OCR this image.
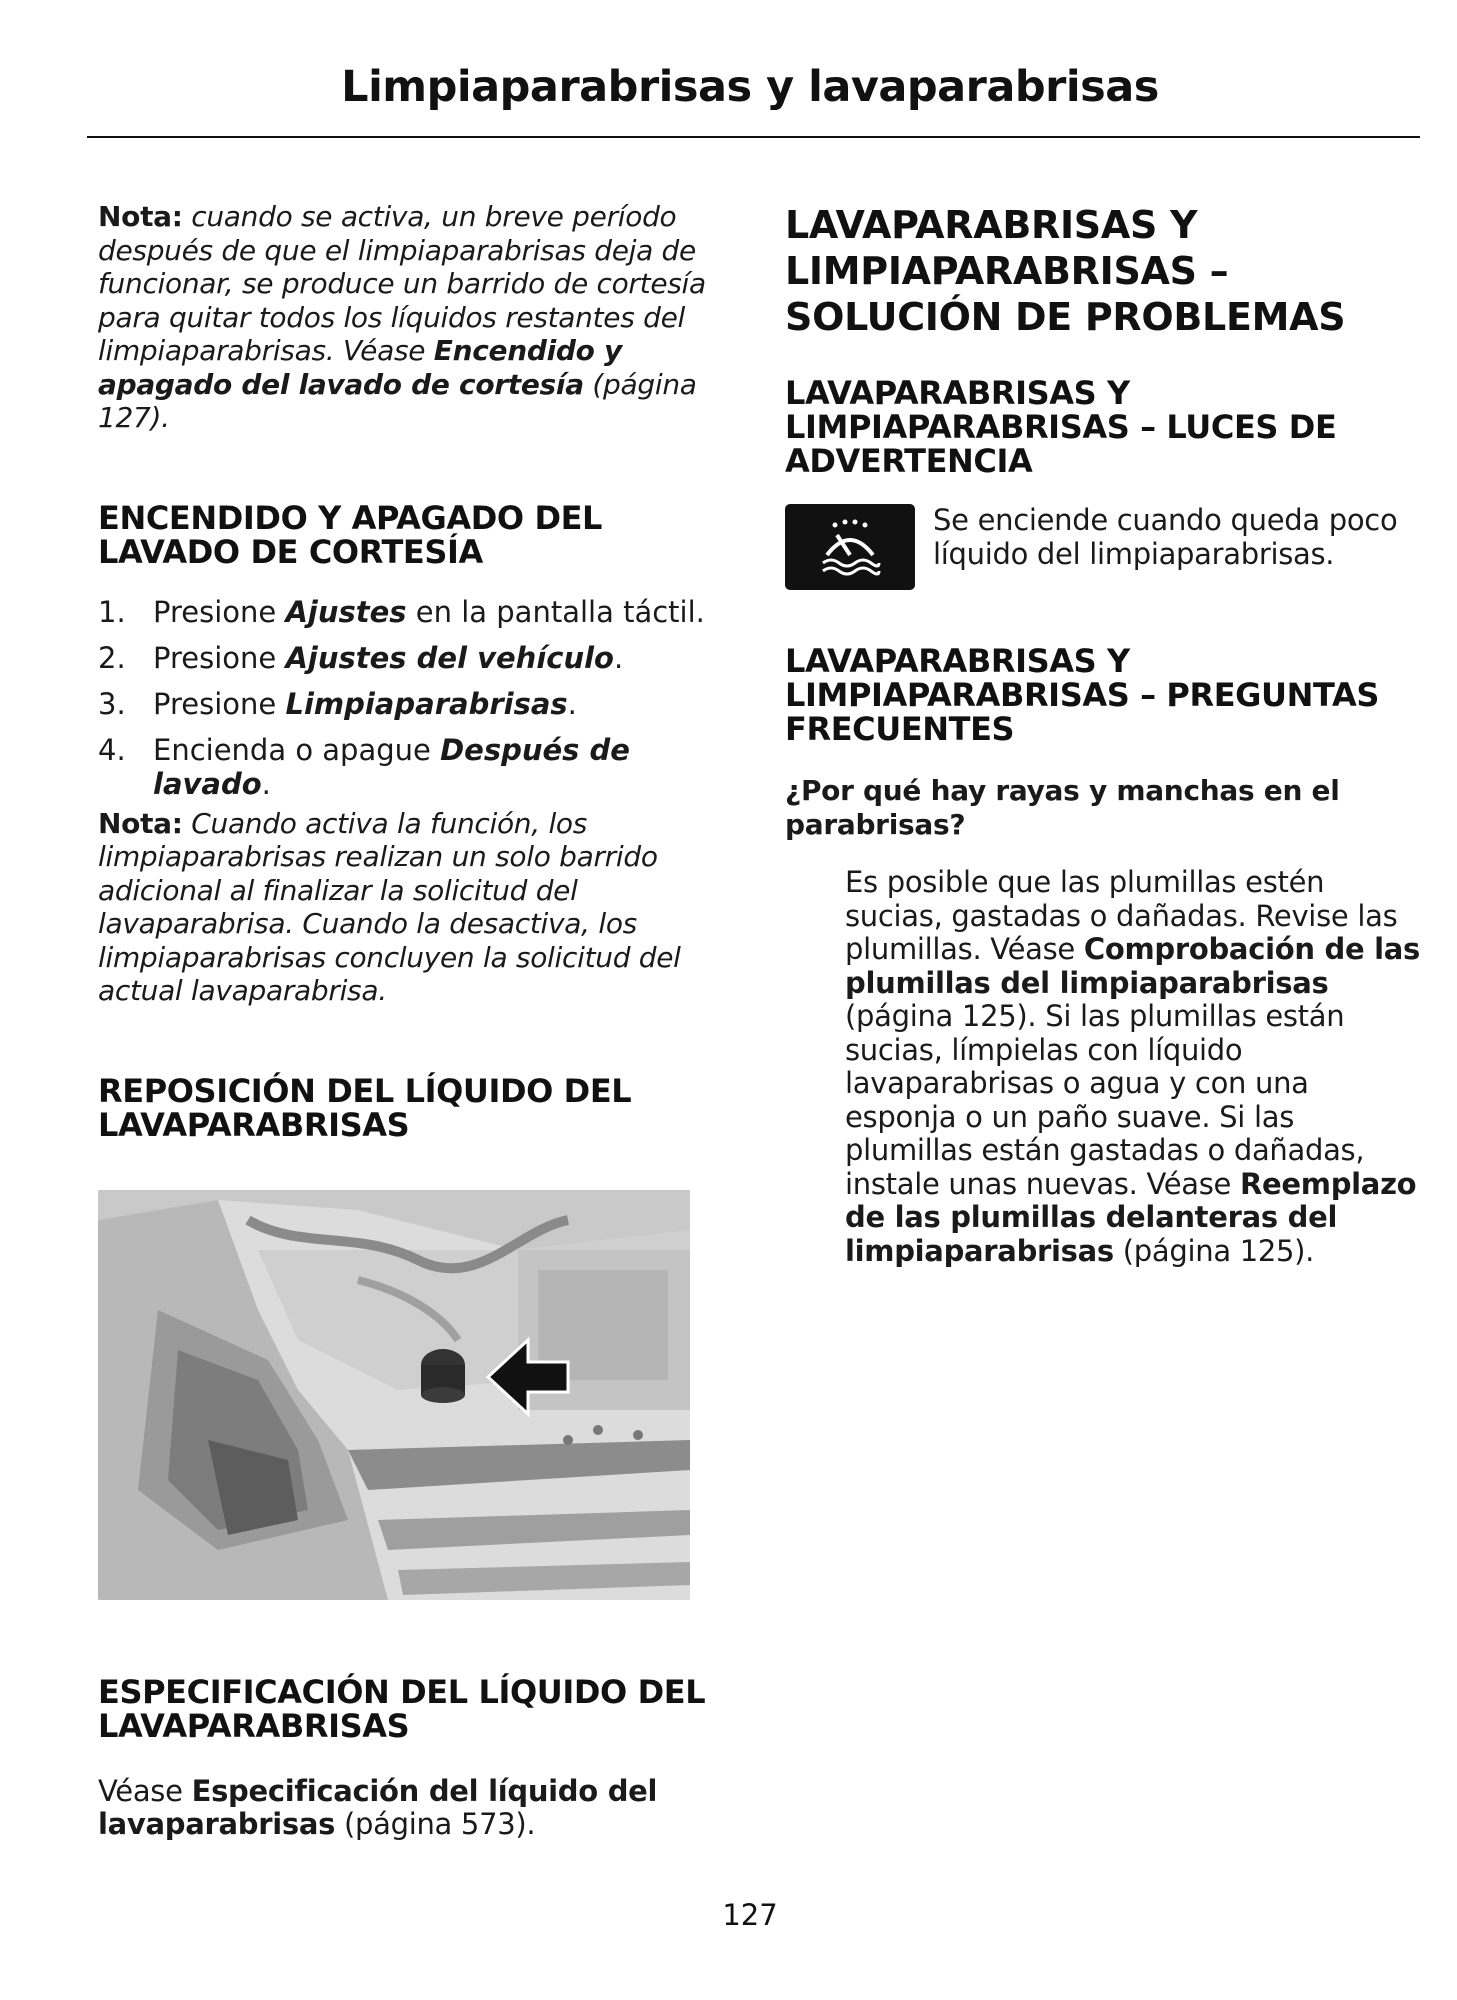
Limpiaparabrisas y lavaparabrisas

Nota: cuando se activa, un breve período después de que el limpiaparabrisas deja de funcionar, se produce un barrido de cortesía para quitar todos los líquidos restantes del limpiaparabrisas. Véase Encendido y apagado del lavado de cortesía (página 127).

ENCENDIDO Y APAGADO DEL LAVADO DE CORTESÍA
1. Presione Ajustes en la pantalla táctil.
2. Presione Ajustes del vehículo.
3. Presione Limpiaparabrisas.
4. Encienda o apague Después de lavado.

Nota: Cuando activa la función, los limpiaparabrisas realizan un solo barrido adicional al finalizar la solicitud del lavaparabrisa. Cuando la desactiva, los limpiaparabrisas concluyen la solicitud del actual lavaparabrisa.

REPOSICIÓN DEL LÍQUIDO DEL LAVAPARABRISAS
ESPECIFICACIÓN DEL LÍQUIDO DEL LAVAPARABRISAS

Véase Especificación del líquido del lavaparabrisas (página 573).

LAVAPARABRISAS Y LIMPIAPARABRISAS – SOLUCIÓN DE PROBLEMAS
LAVAPARABRISAS Y LIMPIAPARABRISAS – LUCES DE ADVERTENCIA
Se enciende cuando queda poco líquido del limpiaparabrisas.
LAVAPARABRISAS Y LIMPIAPARABRISAS – PREGUNTAS FRECUENTES
¿Por qué hay rayas y manchas en el parabrisas?

Es posible que las plumillas estén sucias, gastadas o dañadas. Revise las plumillas. Véase Comprobación de las plumillas del limpiaparabrisas (página 125). Si las plumillas están sucias, límpielas con líquido lavaparabrisas o agua y con una esponja o un paño suave. Si las plumillas están gastadas o dañadas, instale unas nuevas. Véase Reemplazo de las plumillas delanteras del limpiaparabrisas (página 125).

127
